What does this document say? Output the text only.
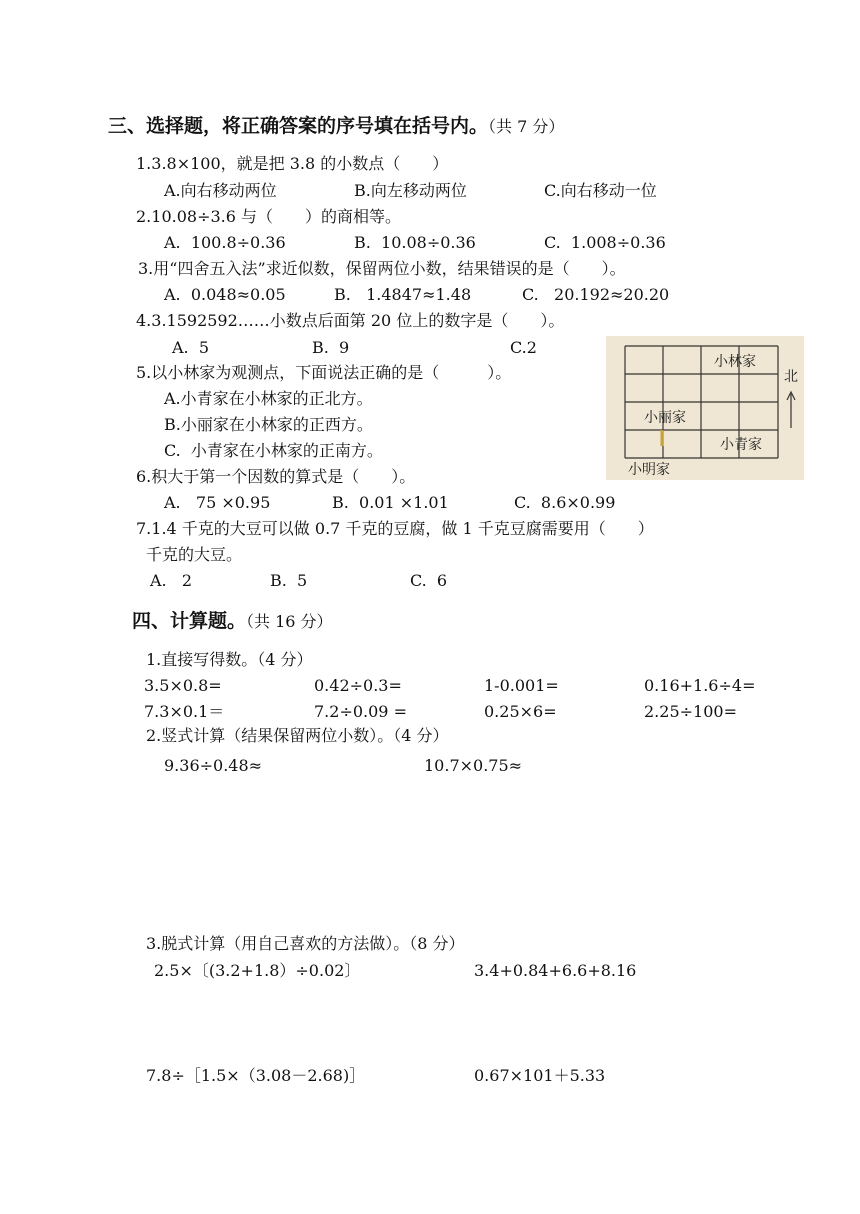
三、选择题，将正确答案的序号填在括号内。（共 7 分）
1.3.8×100，就是把 3.8 的小数点（　　）
A.向右移动两位	B.向左移动两位	C.向右移动一位
2.10.08÷3.6 与（　　）的商相等。
A.  100.8÷0.36	B.  10.08÷0.36	C.  1.008÷0.36
3.用“四舍五入法”求近似数，保留两位小数，结果错误的是（　　）。
A.  0.048≈0.05	B.   1.4847≈1.48	C.   20.192≈20.20
4.3.1592592……小数点后面第 20 位上的数字是（　　）。
A.  5	B.  9	C.2
5.以小林家为观测点，下面说法正确的是（　　　）。
A.小青家在小林家的正北方。
B.小丽家在小林家的正西方。
C.  小青家在小林家的正南方。
小林家
北
小丽家
小青家
小明家
6.积大于第一个因数的算式是（　　）。
A.   75 ×0.95	B.  0.01 ×1.01	C.  8.6×0.99
7.1.4 千克的大豆可以做 0.7 千克的豆腐，做 1 千克豆腐需要用（　　）
千克的大豆。
A.   2	B.  5	C.  6
四、计算题。（共 16 分）
1.直接写得数。（4 分）
3.5×0.8=	0.42÷0.3=	1-0.001=	0.16+1.6÷4=
7.3×0.1＝	7.2÷0.09 =	0.25×6=	2.25÷100=
2.竖式计算（结果保留两位小数）。（4 分）
9.36÷0.48≈	10.7×0.75≈
3.脱式计算（用自己喜欢的方法做）。（8 分）
2.5×〔(3.2+1.8）÷0.02〕	3.4+0.84+6.6+8.16
7.8÷［1.5×（3.08－2.68)］	0.67×101＋5.33
